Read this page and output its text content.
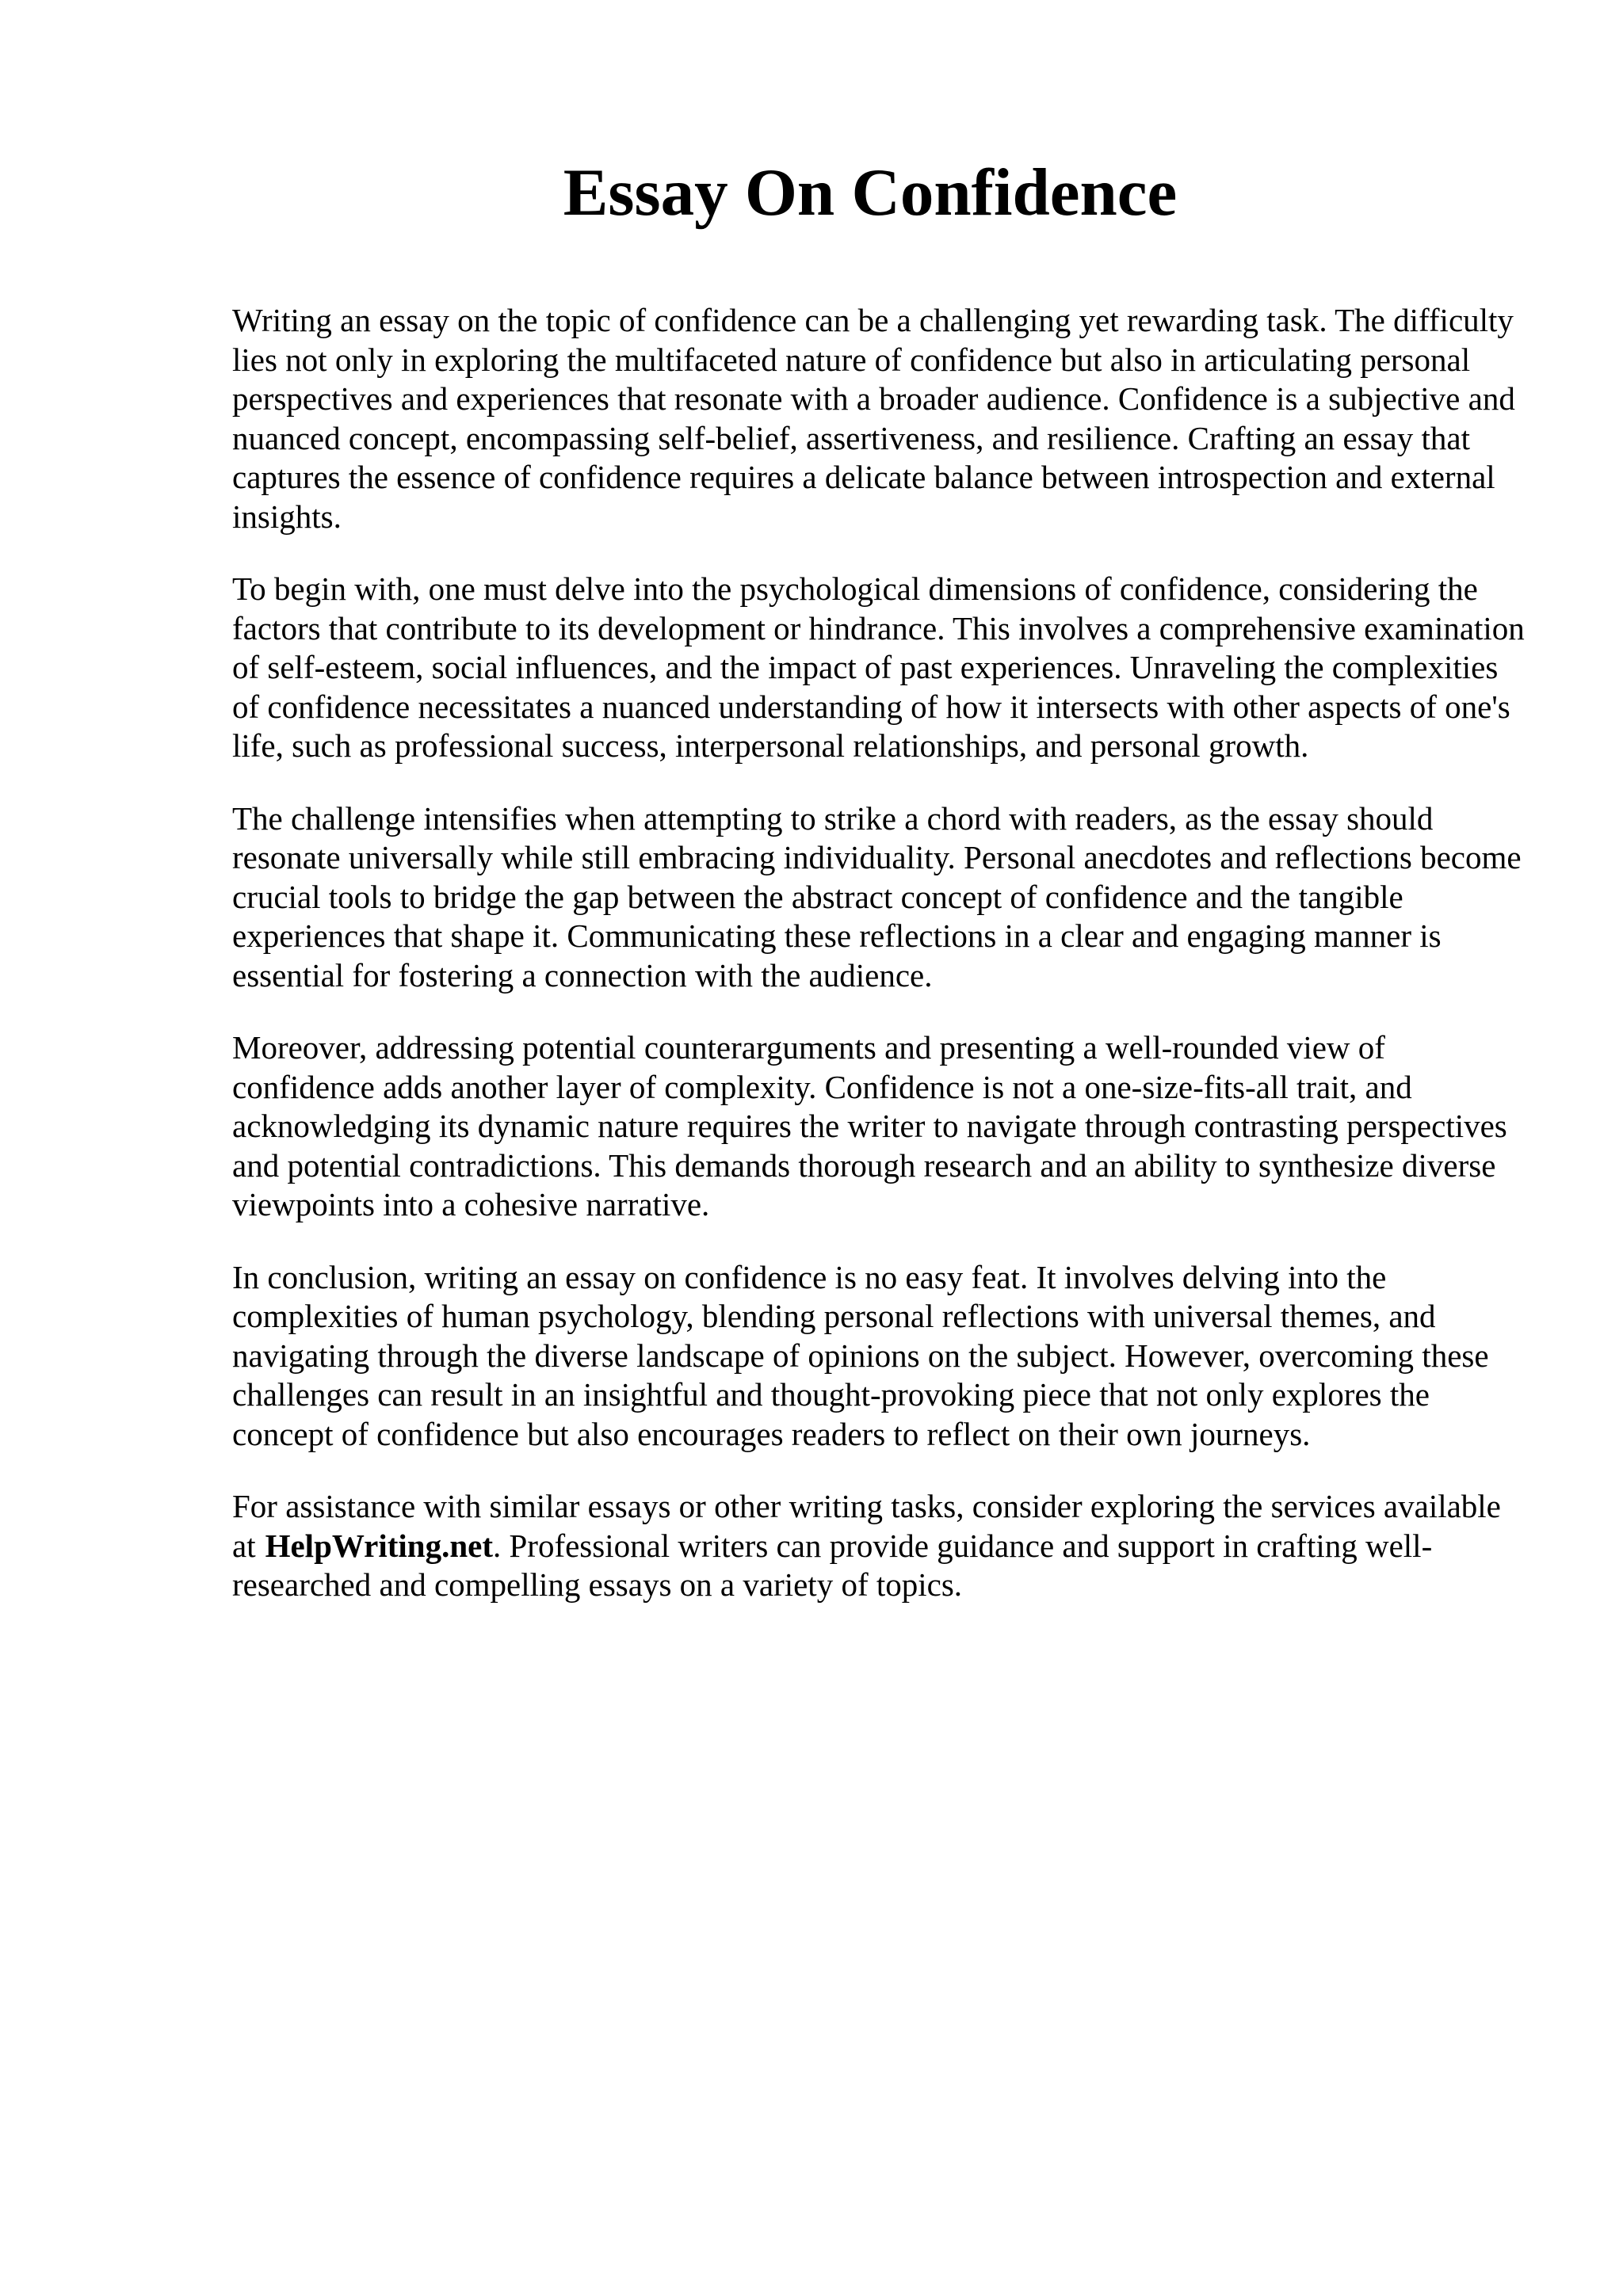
Essay On Confidence

Writing an essay on the topic of confidence can be a challenging yet rewarding task. The difficulty lies not only in exploring the multifaceted nature of confidence but also in articulating personal perspectives and experiences that resonate with a broader audience. Confidence is a subjective and nuanced concept, encompassing self-belief, assertiveness, and resilience. Crafting an essay that captures the essence of confidence requires a delicate balance between introspection and external insights.

To begin with, one must delve into the psychological dimensions of confidence, considering the factors that contribute to its development or hindrance. This involves a comprehensive examination of self-esteem, social influences, and the impact of past experiences. Unraveling the complexities of confidence necessitates a nuanced understanding of how it intersects with other aspects of one's life, such as professional success, interpersonal relationships, and personal growth.

The challenge intensifies when attempting to strike a chord with readers, as the essay should resonate universally while still embracing individuality. Personal anecdotes and reflections become crucial tools to bridge the gap between the abstract concept of confidence and the tangible experiences that shape it. Communicating these reflections in a clear and engaging manner is essential for fostering a connection with the audience.

Moreover, addressing potential counterarguments and presenting a well-rounded view of confidence adds another layer of complexity. Confidence is not a one-size-fits-all trait, and acknowledging its dynamic nature requires the writer to navigate through contrasting perspectives and potential contradictions. This demands thorough research and an ability to synthesize diverse viewpoints into a cohesive narrative.

In conclusion, writing an essay on confidence is no easy feat. It involves delving into the complexities of human psychology, blending personal reflections with universal themes, and navigating through the diverse landscape of opinions on the subject. However, overcoming these challenges can result in an insightful and thought-provoking piece that not only explores the concept of confidence but also encourages readers to reflect on their own journeys.

For assistance with similar essays or other writing tasks, consider exploring the services available at HelpWriting.net. Professional writers can provide guidance and support in crafting well-researched and compelling essays on a variety of topics.
